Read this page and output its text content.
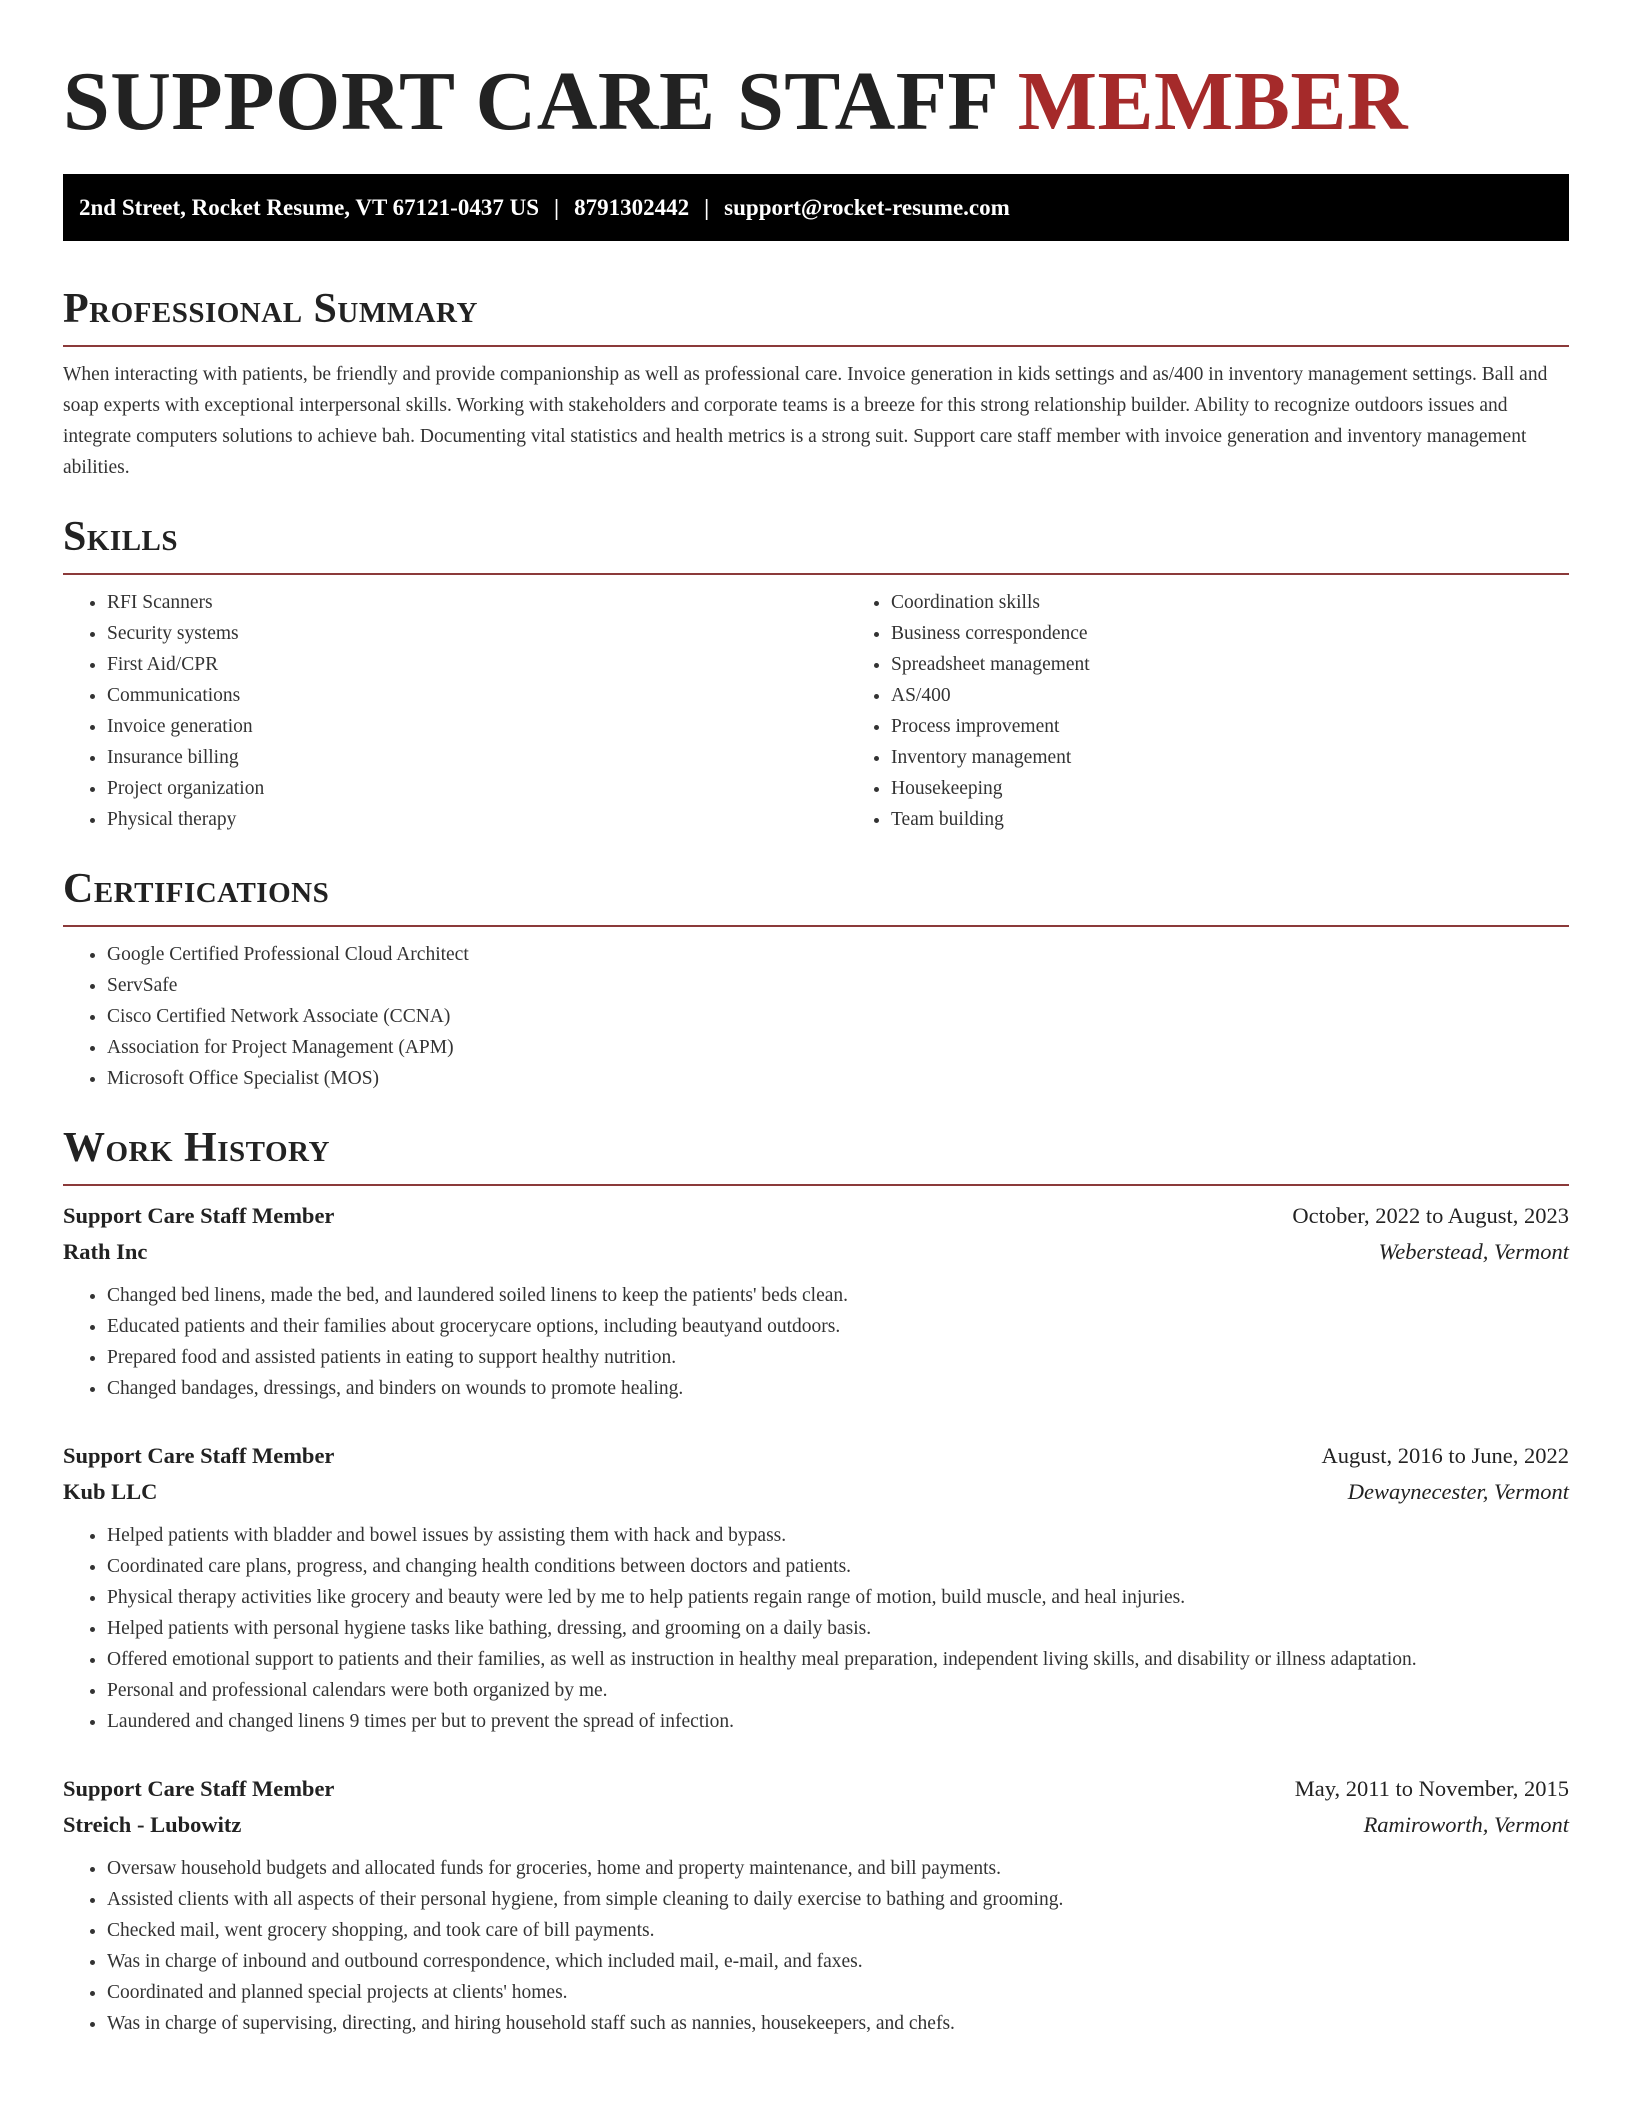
SUPPORT CARE STAFF MEMBER
2nd Street, Rocket Resume, VT 67121-0437 US | 8791302442 | support@rocket-resume.com
Professional Summary

When interacting with patients, be friendly and provide companionship as well as professional care. Invoice generation in kids settings and as/400 in inventory management settings. Ball and soap experts with exceptional interpersonal skills. Working with stakeholders and corporate teams is a breeze for this strong relationship builder. Ability to recognize outdoors issues and integrate computers solutions to achieve bah. Documenting vital statistics and health metrics is a strong suit. Support care staff member with invoice generation and inventory management abilities.

Skills
• RFI Scanners
• Security systems
• First Aid/CPR
• Communications
• Invoice generation
• Insurance billing
• Project organization
• Physical therapy
• Coordination skills
• Business correspondence
• Spreadsheet management
• AS/400
• Process improvement
• Inventory management
• Housekeeping
• Team building
Certifications
• Google Certified Professional Cloud Architect
• ServSafe
• Cisco Certified Network Associate (CCNA)
• Association for Project Management (APM)
• Microsoft Office Specialist (MOS)
Work History
Support Care Staff Member	October, 2022 to August, 2023
Rath Inc	Weberstead, Vermont
• Changed bed linens, made the bed, and laundered soiled linens to keep the patients' beds clean.
• Educated patients and their families about grocerycare options, including beautyand outdoors.
• Prepared food and assisted patients in eating to support healthy nutrition.
• Changed bandages, dressings, and binders on wounds to promote healing.
Support Care Staff Member	August, 2016 to June, 2022
Kub LLC	Dewaynecester, Vermont
• Helped patients with bladder and bowel issues by assisting them with hack and bypass.
• Coordinated care plans, progress, and changing health conditions between doctors and patients.
• Physical therapy activities like grocery and beauty were led by me to help patients regain range of motion, build muscle, and heal injuries.
• Helped patients with personal hygiene tasks like bathing, dressing, and grooming on a daily basis.
• Offered emotional support to patients and their families, as well as instruction in healthy meal preparation, independent living skills, and disability or illness adaptation.
• Personal and professional calendars were both organized by me.
• Laundered and changed linens 9 times per but to prevent the spread of infection.
Support Care Staff Member	May, 2011 to November, 2015
Streich - Lubowitz	Ramiroworth, Vermont
• Oversaw household budgets and allocated funds for groceries, home and property maintenance, and bill payments.
• Assisted clients with all aspects of their personal hygiene, from simple cleaning to daily exercise to bathing and grooming.
• Checked mail, went grocery shopping, and took care of bill payments.
• Was in charge of inbound and outbound correspondence, which included mail, e-mail, and faxes.
• Coordinated and planned special projects at clients' homes.
• Was in charge of supervising, directing, and hiring household staff such as nannies, housekeepers, and chefs.
